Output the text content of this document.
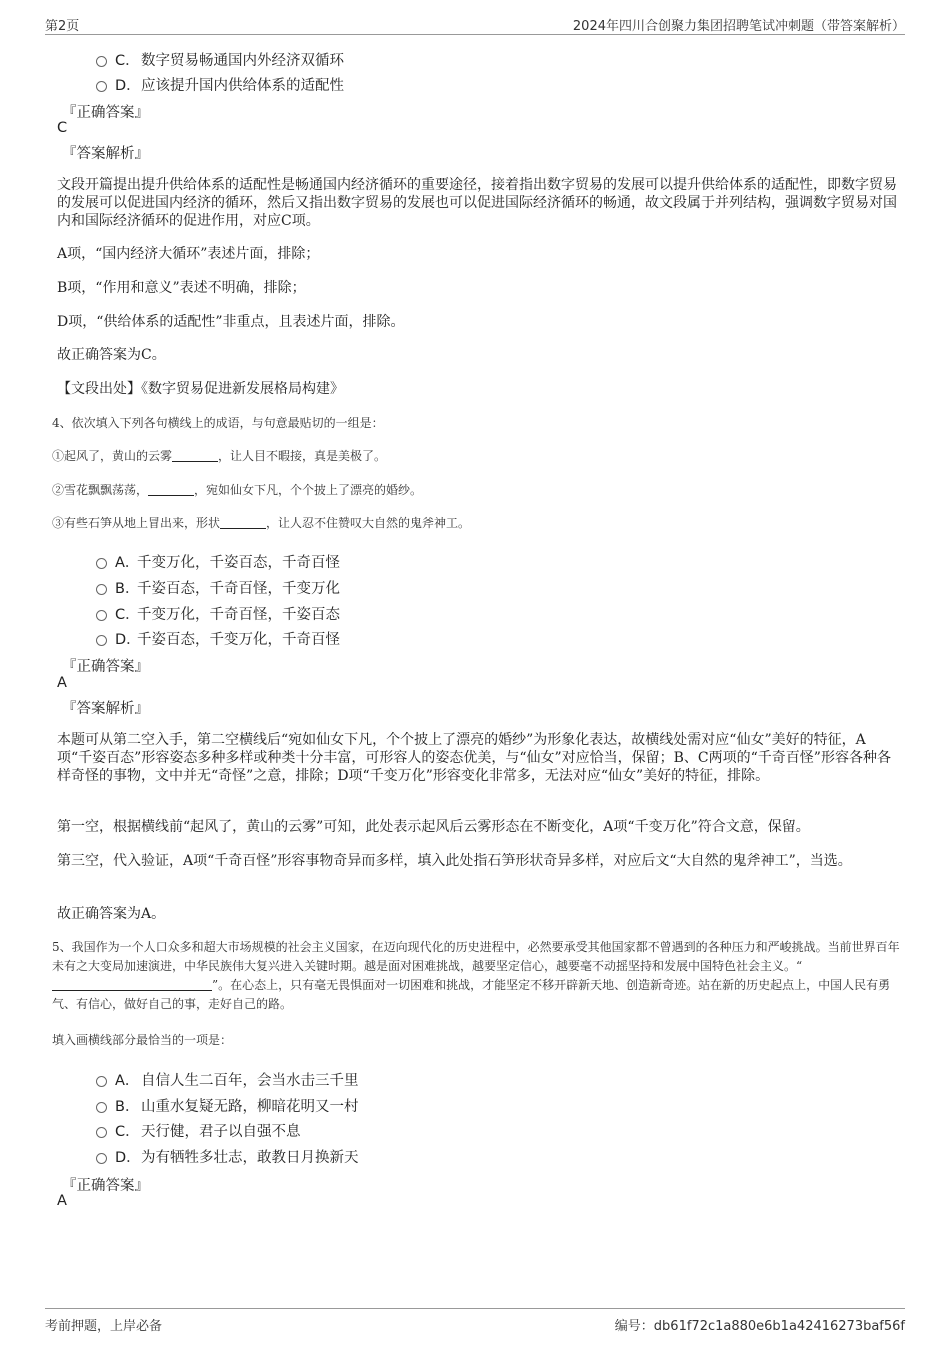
第2页	2024年四川合创聚力集团招聘笔试冲刺题（带答案解析）
C．数字贸易畅通国内外经济双循环
D．应该提升国内供给体系的适配性
『正确答案』
C
『答案解析』
文段开篇提出提升供给体系的适配性是畅通国内经济循环的重要途径，接着指出数字贸易的发展可以提升供给体系的适配性，即数字贸易的发展可以促进国内经济的循环，然后又指出数字贸易的发展也可以促进国际经济循环的畅通，故文段属于并列结构，强调数字贸易对国内和国际经济循环的促进作用，对应C项。
A项，“国内经济大循环”表述片面，排除；
B项，“作用和意义”表述不明确，排除；
D项，“供给体系的适配性”非重点，且表述片面，排除。
故正确答案为C。
【文段出处】《数字贸易促进新发展格局构建》
4、依次填入下列各句横线上的成语，与句意最贴切的一组是：
①起风了，黄山的云雾	，让人目不暇接，真是美极了。
②雪花飘飘荡荡，	，宛如仙女下凡，个个披上了漂亮的婚纱。
③有些石笋从地上冒出来，形状	，让人忍不住赞叹大自然的鬼斧神工。
A．千变万化，千姿百态，千奇百怪
B．千姿百态，千奇百怪，千变万化
C．千变万化，千奇百怪，千姿百态
D．千姿百态，千变万化，千奇百怪
『正确答案』
A
『答案解析』
本题可从第二空入手，第二空横线后“宛如仙女下凡，个个披上了漂亮的婚纱”为形象化表达，故横线处需对应“仙女”美好的特征，A项“千姿百态”形容姿态多种多样或种类十分丰富，可形容人的姿态优美，与“仙女”对应恰当，保留；B、C两项的“千奇百怪”形容各种各样奇怪的事物，文中并无“奇怪”之意，排除；D项“千变万化”形容变化非常多，无法对应“仙女”美好的特征，排除。
第一空，根据横线前“起风了，黄山的云雾”可知，此处表示起风后云雾形态在不断变化，A项“千变万化”符合文意，保留。
第三空，代入验证，A项“千奇百怪”形容事物奇异而多样，填入此处指石笋形状奇异多样，对应后文“大自然的鬼斧神工”，当选。
故正确答案为A。
5、我国作为一个人口众多和超大市场规模的社会主义国家，在迈向现代化的历史进程中，必然要承受其他国家都不曾遇到的各种压力和严峻挑战。当前世界百年未有之大变局加速演进，中华民族伟大复兴进入关键时期。越是面对困难挑战，越要坚定信心，越要毫不动摇坚持和发展中国特色社会主义。“”。在心态上，只有毫无畏惧面对一切困难和挑战，才能坚定不移开辟新天地、创造新奇迹。站在新的历史起点上，中国人民有勇气、有信心，做好自己的事，走好自己的路。
填入画横线部分最恰当的一项是：
A． 自信人生二百年，会当水击三千里
B． 山重水复疑无路，柳暗花明又一村
C．天行健，君子以自强不息
D．为有牺牲多壮志，敢教日月换新天
『正确答案』
A
考前押题，上岸必备	编号：db61f72c1a880e6b1a42416273baf56f
